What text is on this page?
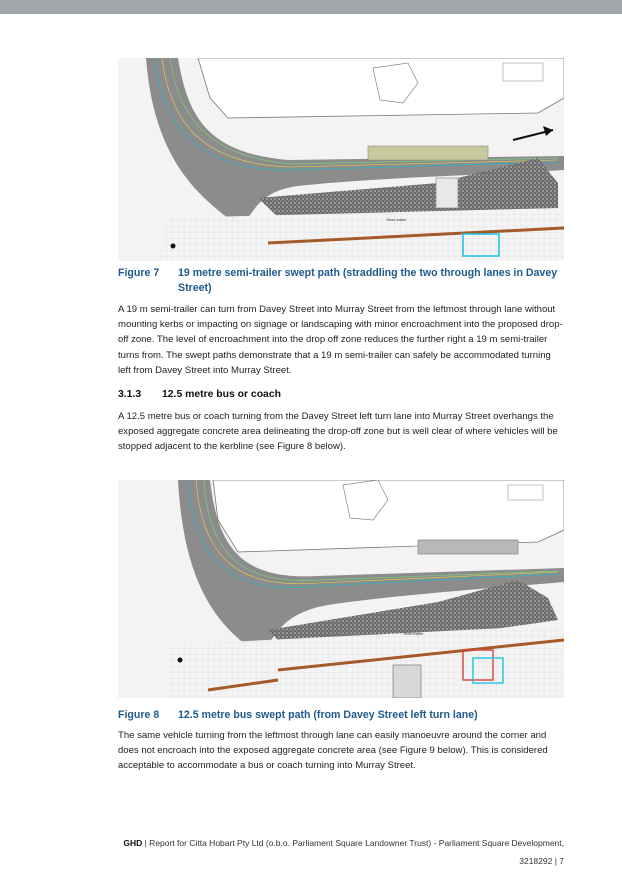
Semi-trailer
Figure 7 19 metre semi-trailer swept path (straddling the two through lanes in Davey Street)

A 19 m semi-trailer can turn from Davey Street into Murray Street from the leftmost through lane without mounting kerbs or impacting on signage or landscaping with minor encroachment into the proposed drop-off zone. The level of encroachment into the drop off zone reduces the further right a 19 m semi-trailer turns from. The swept paths demonstrate that a 19 m semi-trailer can safely be accommodated turning left from Davey Street into Murray Street.

3.1.3 12.5 metre bus or coach

A 12.5 metre bus or coach turning from the Davey Street left turn lane into Murray Street overhangs the exposed aggregate concrete area delineating the drop-off zone but is well clear of where vehicles will be stopped adjacent to the kerbline (see Figure 8 below).

Semi-trailer
Figure 8 12.5 metre bus swept path (from Davey Street left turn lane)

The same vehicle turning from the leftmost through lane can easily manoeuvre around the corner and does not encroach into the exposed aggregate concrete area (see Figure 9 below). This is considered acceptable to accommodate a bus or coach turning into Murray Street.

GHD | Report for Citta Hobart Pty Ltd (o.b.o. Parliament Square Landowner Trust) - Parliament Square Development,
3218292 | 7
